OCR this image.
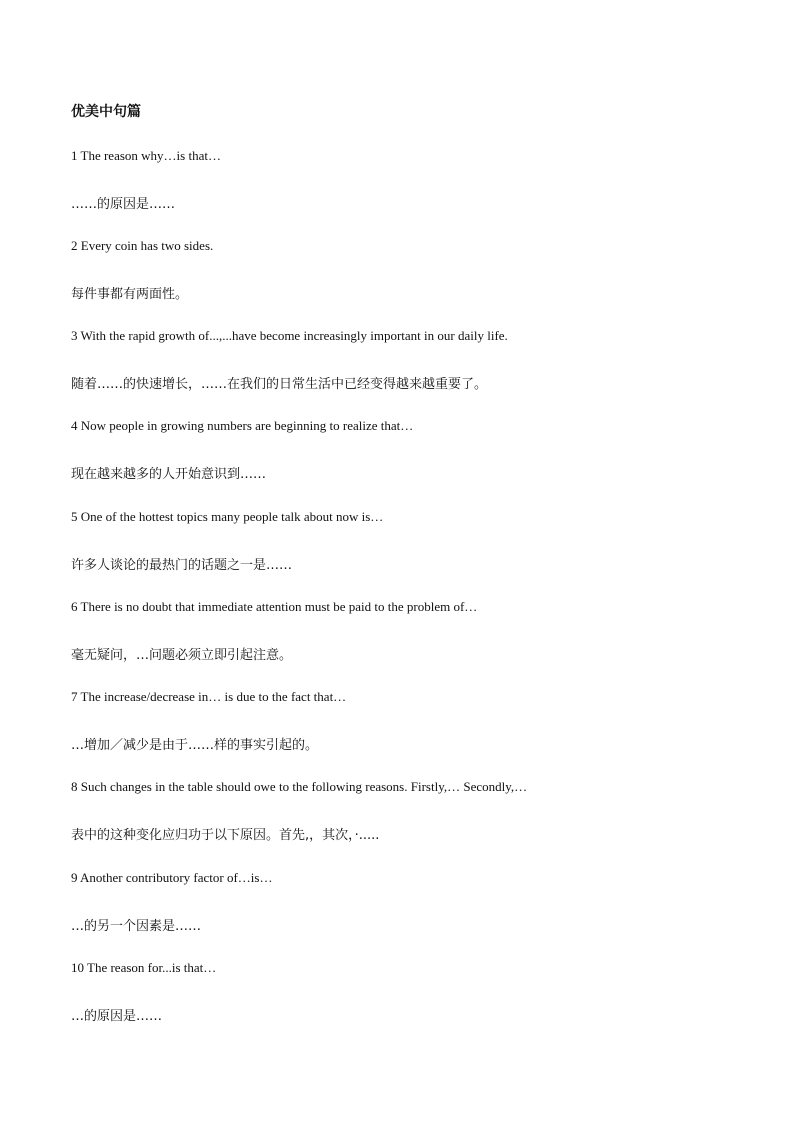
优美中句篇
1 The reason why…is that…
……的原因是……
2 Every coin has two sides.
每件事都有两面性。
3 With the rapid growth of...,...have become increasingly important in our daily life.
随着……的快速增长，……在我们的日常生活中已经变得越来越重要了。
4 Now people in growing numbers are beginning to realize that…
现在越来越多的人开始意识到……
5 One of the hottest topics many people talk about now is…
许多人谈论的最热门的话题之一是……
6 There is no doubt that immediate attention must be paid to the problem of…
毫无疑问，…问题必须立即引起注意。
7 The increase/decrease in… is due to the fact that…
…增加／减少是由于……样的事实引起的。
8 Such changes in the table should owe to the following reasons. Firstly,… Secondly,…
表中的这种变化应归功于以下原因。首先,，其次，·.....
9 Another contributory factor of…is…
…的另一个因素是……
10 The reason for...is that…
…的原因是……
